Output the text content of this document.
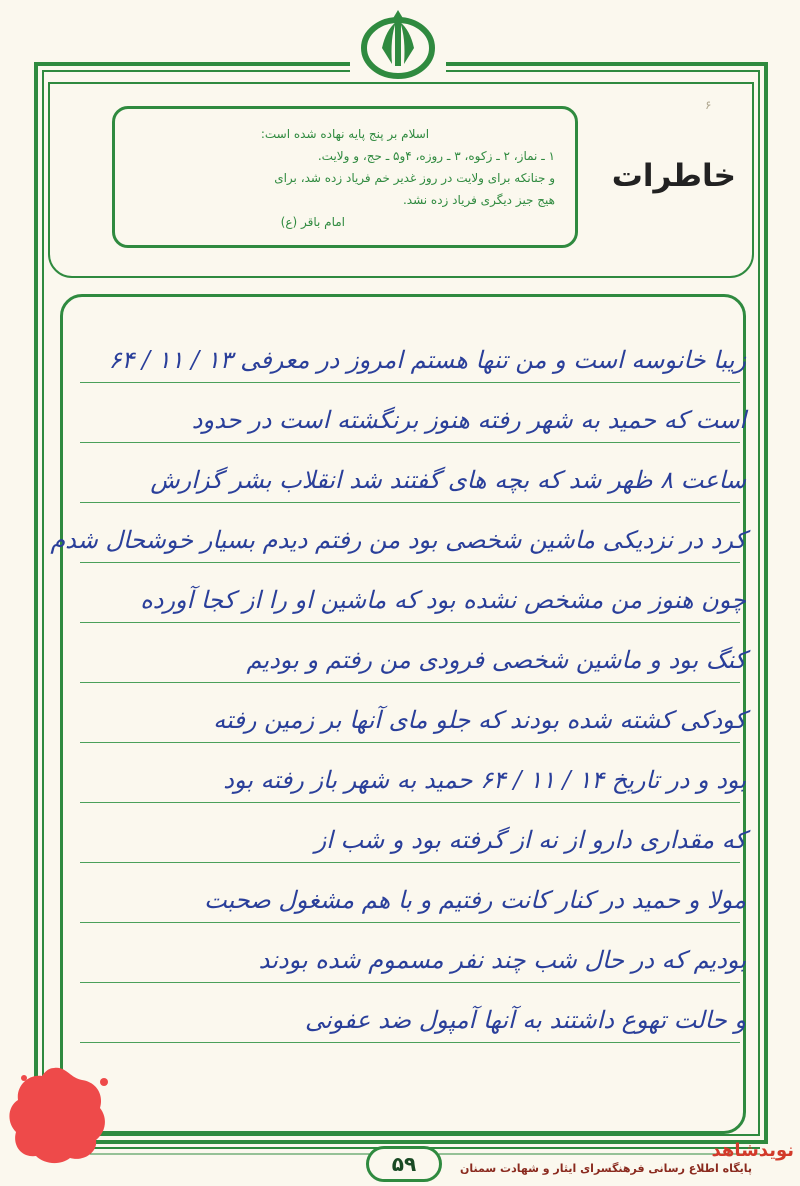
۶
اسلام بر پنج پایه نهاده شده است:
۱ ـ نماز، ۲ ـ زکوه، ۳ ـ روزه، ۴و۵ ـ حج، و ولایت.
و جنانکه برای ولایت در روز غدیر خم فریاد زده شد، برای
هیج جیز دیگری فریاد زده نشد.
امام باقر (ع)
خاطرات
زیبا خانوسه است و من تنها هستم امروز در معرفی ۱۳ / ۱۱ / ۶۴
است که حمید به شهر رفته هنوز برنگشته است در حدود
ساعت ۸ ظهر شد که بچه های گفتند شد انقلاب بشر گزارش
کرد در نزدیکی ماشین شخصی بود من رفتم دیدم بسیار خوشحال شدم
چون هنوز من مشخص نشده بود که ماشین او را از کجا آورده
کنگ بود و ماشین شخصی فرودی من رفتم و بودیم
کودکی کشته شده بودند که جلو مای آنها بر زمین رفته
بود و در تاریخ ۱۴ / ۱۱ / ۶۴ حمید به شهر باز رفته بود
که مقداری دارو از نه از گرفته بود و شب از
مولا و حمید در کنار کانت رفتیم و با هم مشغول صحبت
بودیم که در حال شب چند نفر مسموم شده بودند
و حالت تهوع داشتند به آنها آمپول ضد عفونی
۵۹
نویدشاهد
پایگاه اطلاع رسانی فرهنگسرای ایثار و شهادت سمنان
